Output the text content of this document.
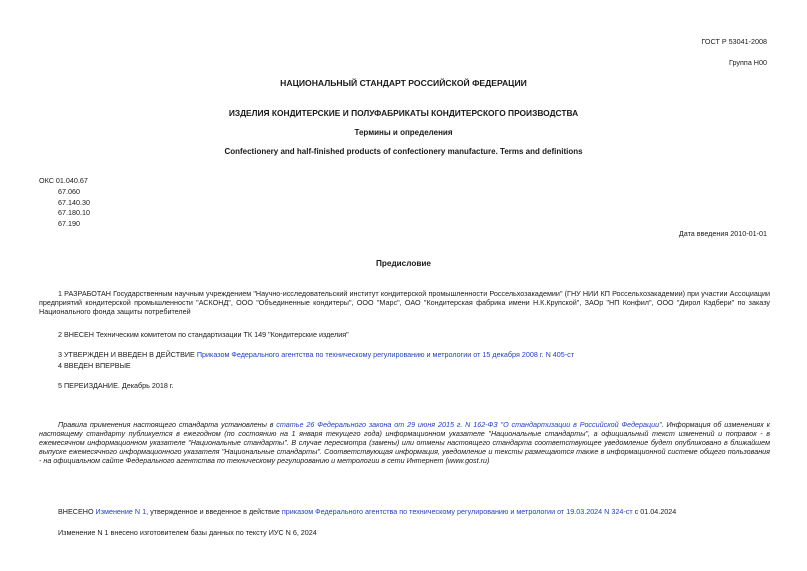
ГОСТ Р 53041-2008
Группа Н00
НАЦИОНАЛЬНЫЙ СТАНДАРТ РОССИЙСКОЙ ФЕДЕРАЦИИ
ИЗДЕЛИЯ КОНДИТЕРСКИЕ И ПОЛУФАБРИКАТЫ КОНДИТЕРСКОГО ПРОИЗВОДСТВА
Термины и определения
Confectionery and half-finished products of confectionery manufacture. Terms and definitions
ОКС 01.040.67
67.060
67.140.30
67.180.10
67.190
Дата введения 2010-01-01
Предисловие

1 РАЗРАБОТАН Государственным научным учреждением "Научно-исследовательский институт кондитерской промышленности Россельхозакадемии" (ГНУ НИИ КП Россельхозакадемии) при участии Ассоциации предприятий кондитерской промышленности "АСКОНД", ООО "Объединенные кондитеры", ООО "Марс", ОАО "Кондитерская фабрика имени Н.К.Крупской", ЗАОр "НП Конфил", ООО "Дирол Кэдбери" по заказу Национального фонда защиты потребителей

2 ВНЕСЕН Техническим комитетом по стандартизации ТК 149 "Кондитерские изделия"

3 УТВЕРЖДЕН И ВВЕДЕН В ДЕЙСТВИЕ Приказом Федерального агентства по техническому регулированию и метрологии от 15 декабря 2008 г. N 405-ст

4 ВВЕДЕН ВПЕРВЫЕ

5 ПЕРЕИЗДАНИЕ. Декабрь 2018 г.

Правила применения настоящего стандарта установлены в статье 26 Федерального закона от 29 июня 2015 г. N 162-ФЗ "О стандартизации в Российской Федерации". Информация об изменениях к настоящему стандарту публикуется в ежегодном (по состоянию на 1 января текущего года) информационном указателе "Национальные стандарты", а официальный текст изменений и поправок - в ежемесячном информационном указателе "Национальные стандарты". В случае пересмотра (замены) или отмены настоящего стандарта соответствующее уведомление будет опубликовано в ближайшем выпуске ежемесячного информационного указателя "Национальные стандарты". Соответствующая информация, уведомление и тексты размещаются также в информационной системе общего пользования - на официальном сайте Федерального агентства по техническому регулированию и метрологии в сети Интернет (www.gost.ru)

ВНЕСЕНО Изменение N 1, утвержденное и введенное в действие приказом Федерального агентства по техническому регулированию и метрологии от 19.03.2024 N 324-ст с 01.04.2024

Изменение N 1 внесено изготовителем базы данных по тексту ИУС N 6, 2024
